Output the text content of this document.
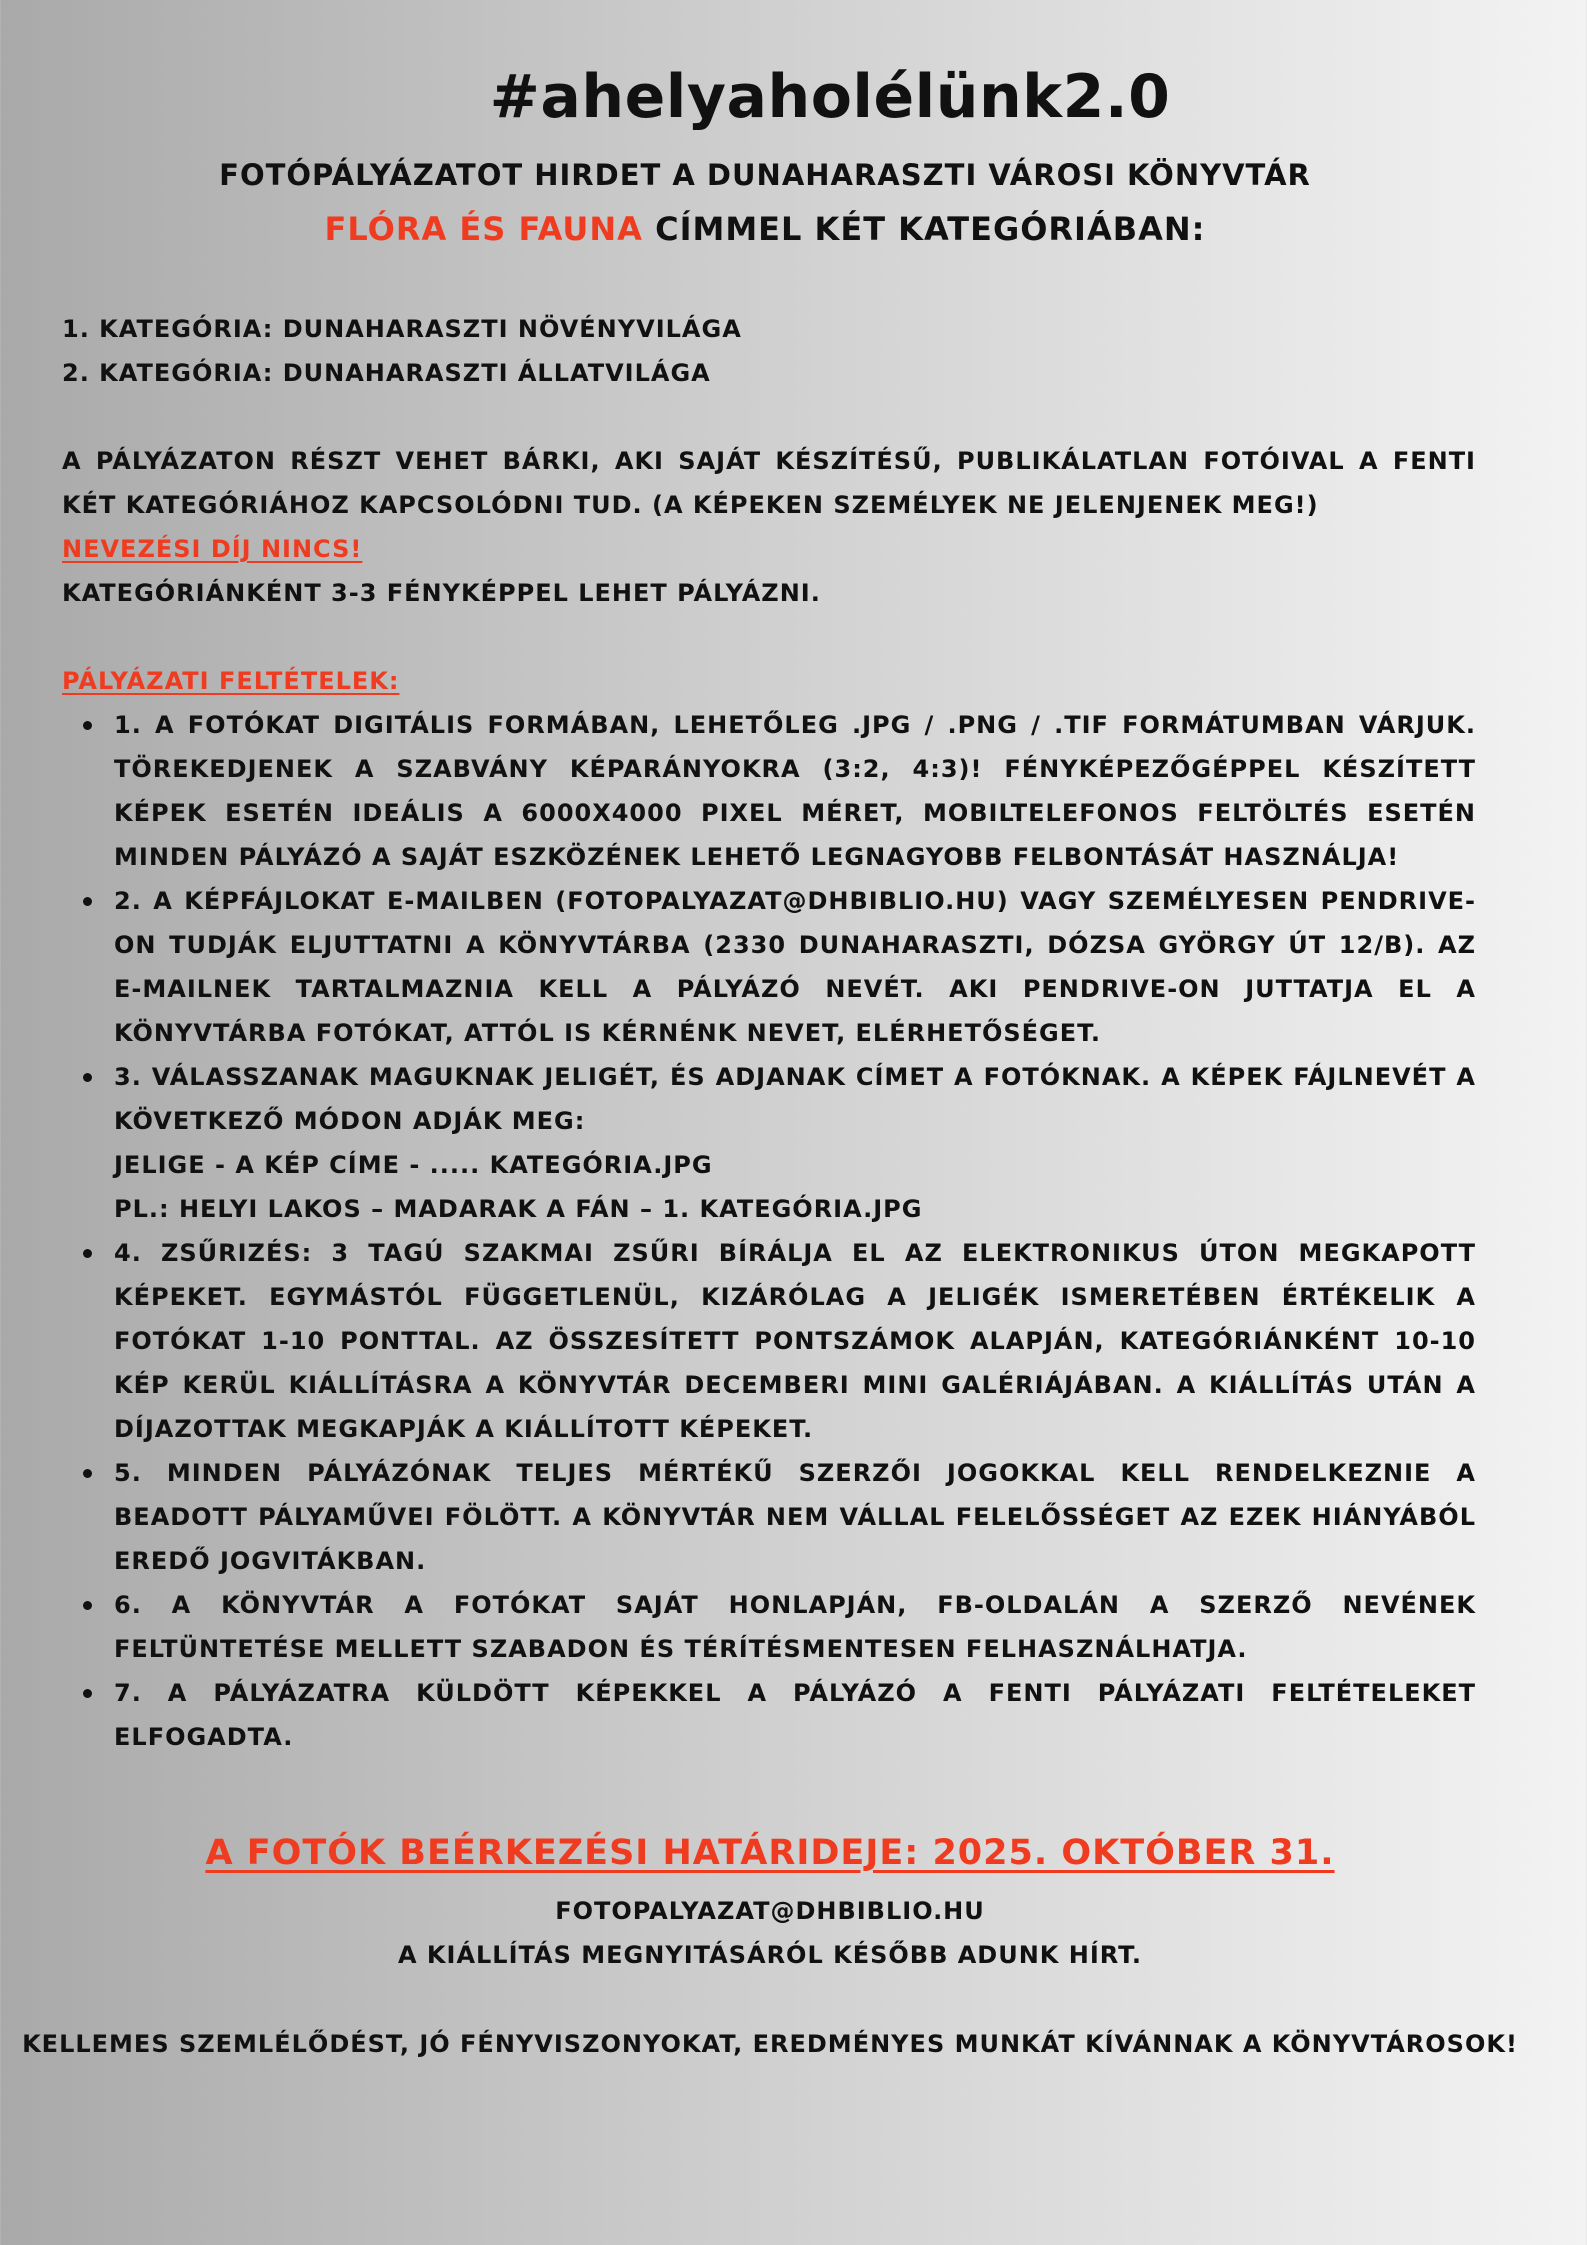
#ahelyaholélünk2.0
FOTÓPÁLYÁZATOT HIRDET A DUNAHARASZTI VÁROSI KÖNYVTÁR
FLÓRA ÉS FAUNA CÍMMEL KÉT KATEGÓRIÁBAN:

1. KATEGÓRIA: DUNAHARASZTI NÖVÉNYVILÁGA

2. KATEGÓRIA: DUNAHARASZTI ÁLLATVILÁGA

A PÁLYÁZATON RÉSZT VEHET BÁRKI, AKI SAJÁT KÉSZÍTÉSŰ, PUBLIKÁLATLAN FOTÓIVAL A FENTI KÉT KATEGÓRIÁHOZ KAPCSOLÓDNI TUD. (A KÉPEKEN SZEMÉLYEK NE JELENJENEK MEG!)

NEVEZÉSI DÍJ NINCS!

KATEGÓRIÁNKÉNT 3-3 FÉNYKÉPPEL LEHET PÁLYÁZNI.

PÁLYÁZATI FELTÉTELEK:

1. A FOTÓKAT DIGITÁLIS FORMÁBAN, LEHETŐLEG .JPG / .PNG / .TIF FORMÁTUMBAN VÁRJUK. TÖREKEDJENEK A SZABVÁNY KÉPARÁNYOKRA (3:2, 4:3)! FÉNYKÉPEZŐGÉPPEL KÉSZÍTETT KÉPEK ESETÉN IDEÁLIS A 6000X4000 PIXEL MÉRET, MOBILTELEFONOS FELTÖLTÉS ESETÉN MINDEN PÁLYÁZÓ A SAJÁT ESZKÖZÉNEK LEHETŐ LEGNAGYOBB FELBONTÁSÁT HASZNÁLJA!
2. A KÉPFÁJLOKAT E-MAILBEN (FOTOPALYAZAT@DHBIBLIO.HU) VAGY SZEMÉLYESEN PENDRIVE-ON TUDJÁK ELJUTTATNI A KÖNYVTÁRBA (2330 DUNAHARASZTI, DÓZSA GYÖRGY ÚT 12/B). AZ E-MAILNEK TARTALMAZNIA KELL A PÁLYÁZÓ NEVÉT. AKI PENDRIVE-ON JUTTATJA EL A KÖNYVTÁRBA FOTÓKAT, ATTÓL IS KÉRNÉNK NEVET, ELÉRHETŐSÉGET.
3. VÁLASSZANAK MAGUKNAK JELIGÉT, ÉS ADJANAK CÍMET A FOTÓKNAK. A KÉPEK FÁJLNEVÉT A KÖVETKEZŐ MÓDON ADJÁK MEG:
JELIGE - A KÉP CÍME - ..... KATEGÓRIA.JPG
PL.: HELYI LAKOS – MADARAK A FÁN – 1. KATEGÓRIA.JPG
4. ZSŰRIZÉS: 3 TAGÚ SZAKMAI ZSŰRI BÍRÁLJA EL AZ ELEKTRONIKUS ÚTON MEGKAPOTT KÉPEKET. EGYMÁSTÓL FÜGGETLENÜL, KIZÁRÓLAG A JELIGÉK ISMERETÉBEN ÉRTÉKELIK A FOTÓKAT 1-10 PONTTAL. AZ ÖSSZESÍTETT PONTSZÁMOK ALAPJÁN, KATEGÓRIÁNKÉNT 10-10 KÉP KERÜL KIÁLLÍTÁSRA A KÖNYVTÁR DECEMBERI MINI GALÉRIÁJÁBAN. A KIÁLLÍTÁS UTÁN A DÍJAZOTTAK MEGKAPJÁK A KIÁLLÍTOTT KÉPEKET.
5. MINDEN PÁLYÁZÓNAK TELJES MÉRTÉKŰ SZERZŐI JOGOKKAL KELL RENDELKEZNIE A BEADOTT PÁLYAMŰVEI FÖLÖTT. A KÖNYVTÁR NEM VÁLLAL FELELŐSSÉGET AZ EZEK HIÁNYÁBÓL EREDŐ JOGVITÁKBAN.
6. A KÖNYVTÁR A FOTÓKAT SAJÁT HONLAPJÁN, FB-OLDALÁN A SZERZŐ NEVÉNEK FELTÜNTETÉSE MELLETT SZABADON ÉS TÉRÍTÉSMENTESEN FELHASZNÁLHATJA.
7. A PÁLYÁZATRA KÜLDÖTT KÉPEKKEL A PÁLYÁZÓ A FENTI PÁLYÁZATI FELTÉTELEKET ELFOGADTA.
A FOTÓK BEÉRKEZÉSI HATÁRIDEJE: 2025. OKTÓBER 31.
FOTOPALYAZAT@DHBIBLIO.HU
A KIÁLLÍTÁS MEGNYITÁSÁRÓL KÉSŐBB ADUNK HÍRT.
KELLEMES SZEMLÉLŐDÉST, JÓ FÉNYVISZONYOKAT, EREDMÉNYES MUNKÁT KÍVÁNNAK A KÖNYVTÁROSOK!
